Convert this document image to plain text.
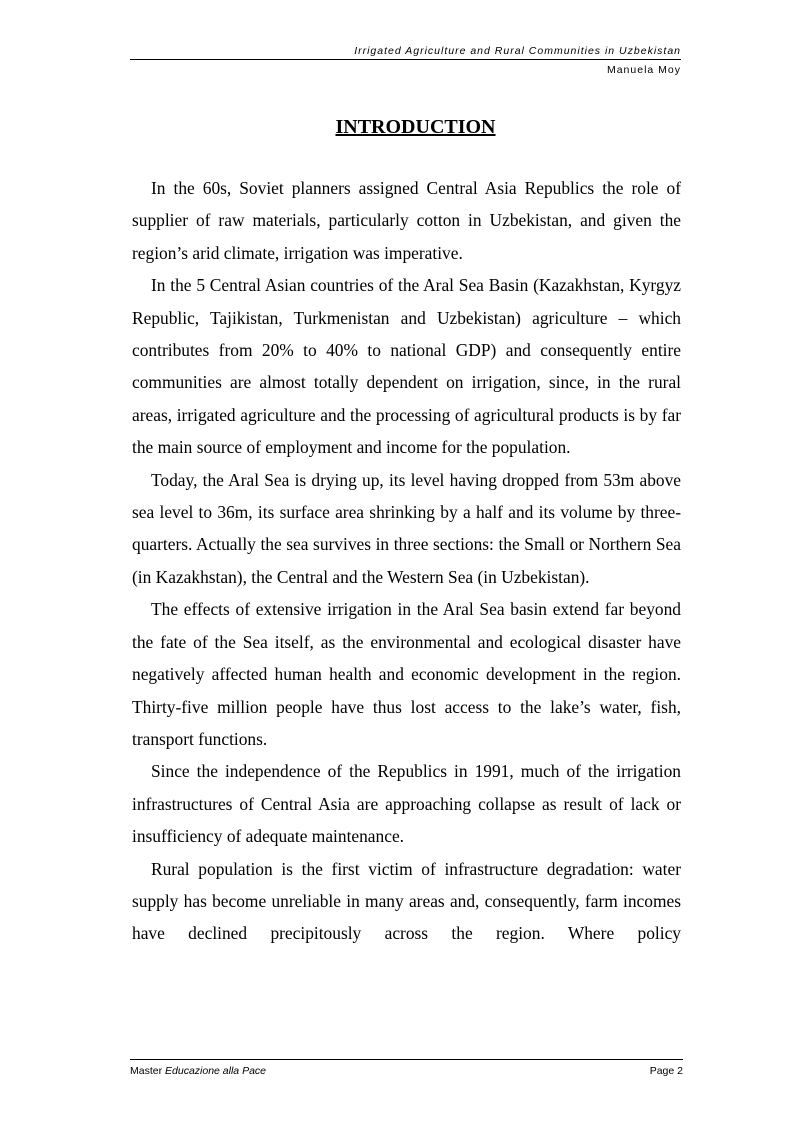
Irrigated Agriculture and Rural Communities in Uzbekistan
Manuela Moy
INTRODUCTION

In the 60s, Soviet planners assigned Central Asia Republics the role of supplier of raw materials, particularly cotton in Uzbekistan, and given the region’s arid climate, irrigation was imperative.

In the 5 Central Asian countries of the Aral Sea Basin (Kazakhstan, Kyrgyz Republic, Tajikistan, Turkmenistan and Uzbekistan) agriculture – which contributes from 20% to 40% to national GDP) and consequently entire communities are almost totally dependent on irrigation, since, in the rural areas, irrigated agriculture and the processing of agricultural products is by far the main source of employment and income for the population.

Today, the Aral Sea is drying up, its level having dropped from 53m above sea level to 36m, its surface area shrinking by a half and its volume by three-quarters. Actually the sea survives in three sections: the Small or Northern Sea (in Kazakhstan), the Central and the Western Sea (in Uzbekistan).

The effects of extensive irrigation in the Aral Sea basin extend far beyond the fate of the Sea itself, as the environmental and ecological disaster have negatively affected human health and economic development in the region. Thirty-five million people have thus lost access to the lake’s water, fish, transport functions.

Since the independence of the Republics in 1991, much of the irrigation infrastructures of Central Asia are approaching collapse as result of lack or insufficiency of adequate maintenance.

Rural population is the first victim of infrastructure degradation: water supply has become unreliable in many areas and, consequently, farm incomes have declined precipitously across the region. Where policy

Master Educazione alla Pace	Page 2
